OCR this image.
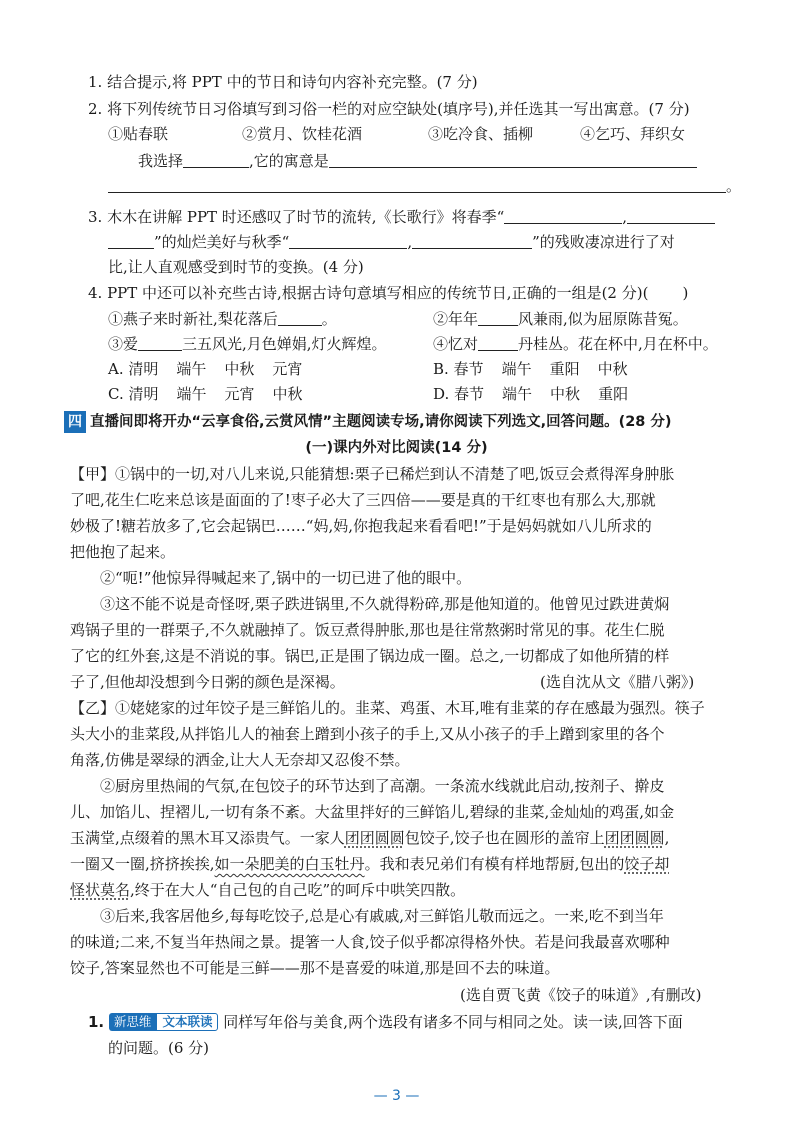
1. 结合提示,将 PPT 中的节日和诗句内容补充完整。(7 分)
2. 将下列传统节日习俗填写到习俗一栏的对应空缺处(填序号),并任选其一写出寓意。(7 分)
①贴春联	②赏月、饮桂花酒	③吃冷食、插柳	④乞巧、拜织女
我选择	,它的寓意是
。
3. 木木在讲解 PPT 时还感叹了时节的流转,《长歌行》将春季“	,
”的灿烂美好与秋季“	,	”的残败凄凉进行了对
比,让人直观感受到时节的变换。(4 分)
4. PPT 中还可以补充些古诗,根据古诗句意填写相应的传统节日,正确的一组是(2 分)( )
①燕子来时新社,梨花落后	。	②年年	风兼雨,似为屈原陈昔冤。
③爱	三五风光,月色婵娟,灯火辉煌。	④忆对	丹桂丛。花在杯中,月在杯中。
A. 清明 端午 中秋 元宵	B. 春节 端午 重阳 中秋
C. 清明 端午 元宵 中秋	D. 春节 端午 中秋 重阳
四 直播间即将开办“云享食俗,云赏风情”主题阅读专场,请你阅读下列选文,回答问题。(28 分)
(一)课内外对比阅读(14 分)
【甲】①锅中的一切,对八儿来说,只能猜想:栗子已稀烂到认不清楚了吧,饭豆会煮得浑身肿胀
了吧,花生仁吃来总该是面面的了!枣子必大了三四倍——要是真的干红枣也有那么大,那就
妙极了!糖若放多了,它会起锅巴……“妈,妈,你抱我起来看看吧!”于是妈妈就如八儿所求的
把他抱了起来。
②“呃!”他惊异得喊起来了,锅中的一切已进了他的眼中。
③这不能不说是奇怪呀,栗子跌进锅里,不久就得粉碎,那是他知道的。他曾见过跌进黄焖
鸡锅子里的一群栗子,不久就融掉了。饭豆煮得肿胀,那也是往常熬粥时常见的事。花生仁脱
了它的红外套,这是不消说的事。锅巴,正是围了锅边成一圈。总之,一切都成了如他所猜的样
子了,但他却没想到今日粥的颜色是深褐。	(选自沈从文《腊八粥》)
【乙】①姥姥家的过年饺子是三鲜馅儿的。韭菜、鸡蛋、木耳,唯有韭菜的存在感最为强烈。筷子
头大小的韭菜段,从拌馅儿人的袖套上蹭到小孩子的手上,又从小孩子的手上蹭到家里的各个
角落,仿佛是翠绿的洒金,让大人无奈却又忍俊不禁。
②厨房里热闹的气氛,在包饺子的环节达到了高潮。一条流水线就此启动,按剂子、擀皮
儿、加馅儿、捏褶儿,一切有条不紊。大盆里拌好的三鲜馅儿,碧绿的韭菜,金灿灿的鸡蛋,如金
玉满堂,点缀着的黑木耳又添贵气。一家人团团圆圆包饺子,饺子也在圆形的盖帘上团团圆圆,
一圈又一圈,挤挤挨挨,如一朵肥美的白玉牡丹。我和表兄弟们有模有样地帮厨,包出的饺子却
怪状莫名,终于在大人“自己包的自己吃”的呵斥中哄笑四散。
③后来,我客居他乡,每每吃饺子,总是心有戚戚,对三鲜馅儿敬而远之。一来,吃不到当年
的味道;二来,不复当年热闹之景。提箸一人食,饺子似乎都凉得格外快。若是问我最喜欢哪种
饺子,答案显然也不可能是三鲜——那不是喜爱的味道,那是回不去的味道。
(选自贾飞黄《饺子的味道》,有删改)
1. 新思维 文本联读 同样写年俗与美食,两个选段有诸多不同与相同之处。读一读,回答下面
的问题。(6 分)
— 3 —
